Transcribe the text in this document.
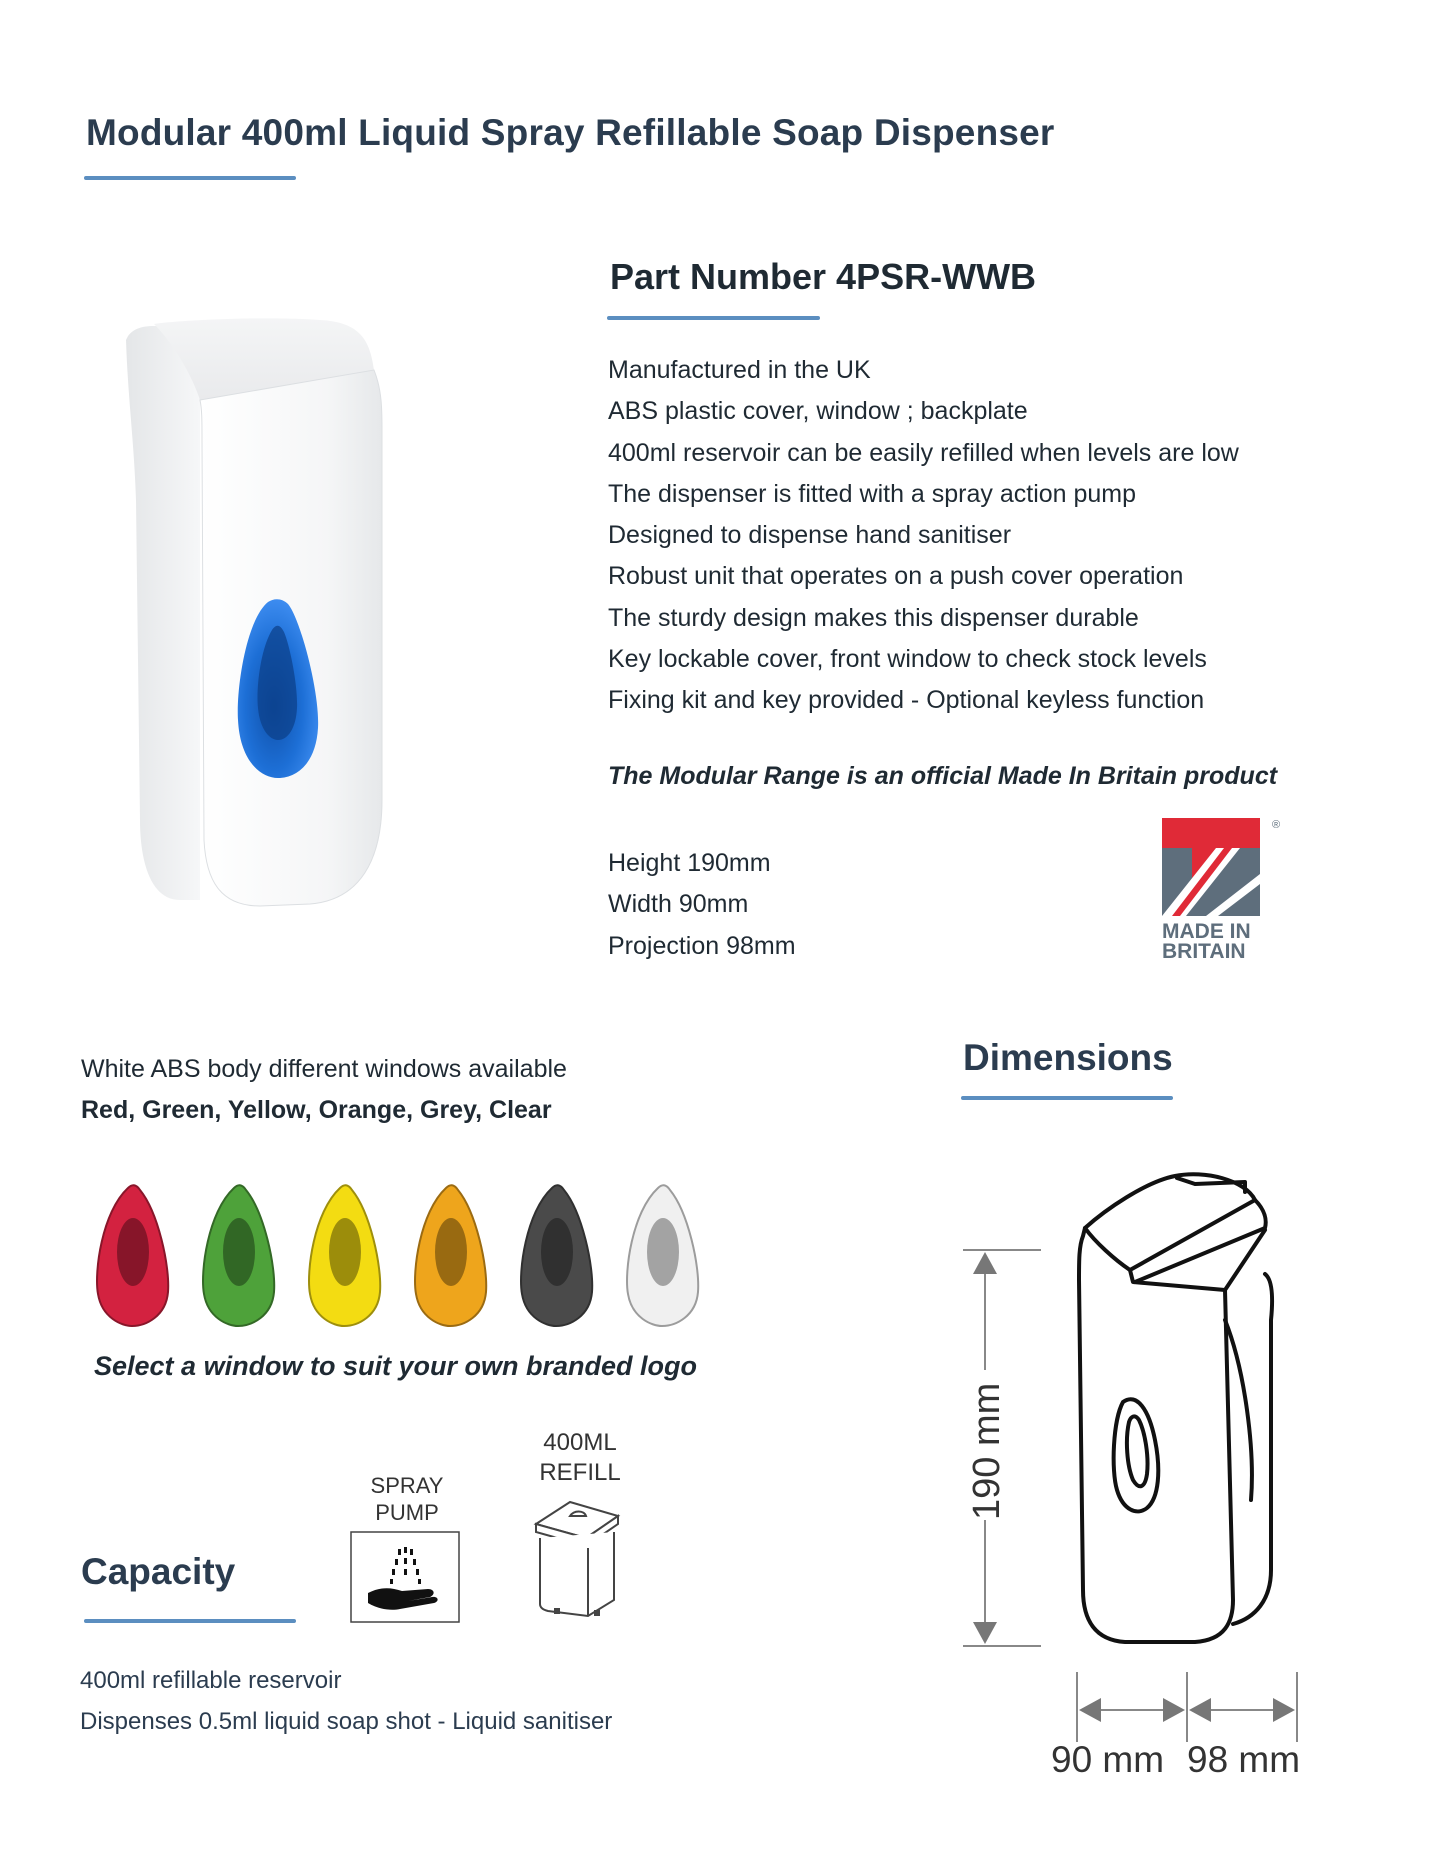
Modular 400ml Liquid Spray Refillable Soap Dispenser
Part Number 4PSR-WWB
Manufactured in the UK
ABS plastic cover, window ; backplate
400ml reservoir can be easily refilled when levels are low
The dispenser is fitted with a spray action pump
Designed to dispense hand sanitiser
Robust unit that operates on a push cover operation
The sturdy design makes this dispenser durable
Key lockable cover, front window to check stock levels
Fixing kit and key provided - Optional keyless function
The Modular Range is an official Made In Britain product
Height 190mm
Width 90mm
Projection 98mm
®
MADE IN
BRITAIN
White ABS body different windows available
Red, Green, Yellow, Orange, Grey, Clear
Select a window to suit your own branded logo
SPRAY
PUMP
400ML
REFILL
Capacity
400ml refillable reservoir
Dispenses 0.5ml liquid soap shot - Liquid sanitiser
Dimensions
190 mm
90 mm 98 mm
